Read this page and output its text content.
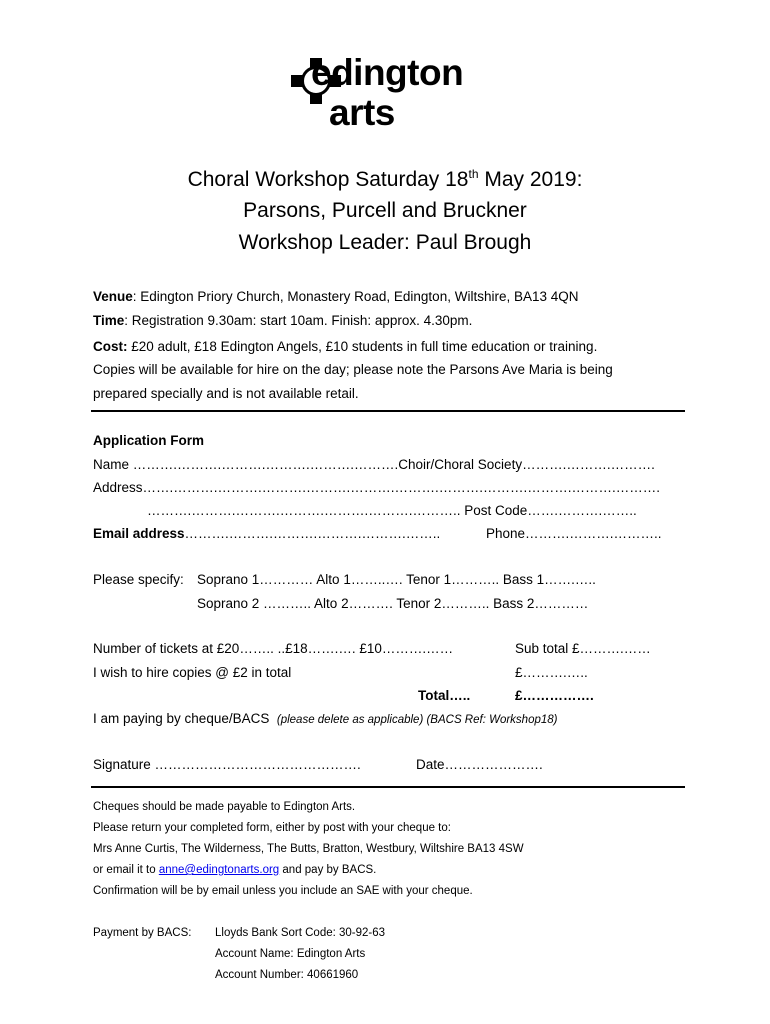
edington
arts
Choral Workshop Saturday 18th May 2019:
Parsons, Purcell and Bruckner
Workshop Leader: Paul Brough
Venue: Edington Priory Church, Monastery Road, Edington, Wiltshire, BA13 4QN
Time: Registration 9.30am: start 10am. Finish: approx. 4.30pm.
Cost: £20 adult, £18 Edington Angels, £10 students in full time education or training.
Copies will be available for hire on the day; please note the Parsons Ave Maria is being
prepared specially and is not available retail.
Application Form
Name ……….……….……….……….……….……….Choir/Choral Society……….……….……….
Address…….……….……….……….……….……….……….……….……….……….……….……….
……….……….……….……….……….……….……….. Post Code…….……….……..
Email address……….……….……….……….……….……..	Phone……….……….………..
Please specify: Soprano 1………… Alto 1……..…. Tenor 1……….. Bass 1…….…..
Soprano 2 ……….. Alto 2………. Tenor 2……….. Bass 2…………
Number of tickets at £20…….. ..£18…….…. £10……….……	Sub total £……….……
I wish to hire copies @ £2 in total	£……….…..
Total…..	£…………….
I am paying by cheque/BACS (please delete as applicable) (BACS Ref: Workshop18)
Signature ……………………………………….	Date………………….
Cheques should be made payable to Edington Arts.
Please return your completed form, either by post with your cheque to:
Mrs Anne Curtis, The Wilderness, The Butts, Bratton, Westbury, Wiltshire BA13 4SW
or email it to anne@edingtonarts.org and pay by BACS.
Confirmation will be by email unless you include an SAE with your cheque.
Payment by BACS: Lloyds Bank Sort Code: 30-92-63
Account Name: Edington Arts
Account Number: 40661960
